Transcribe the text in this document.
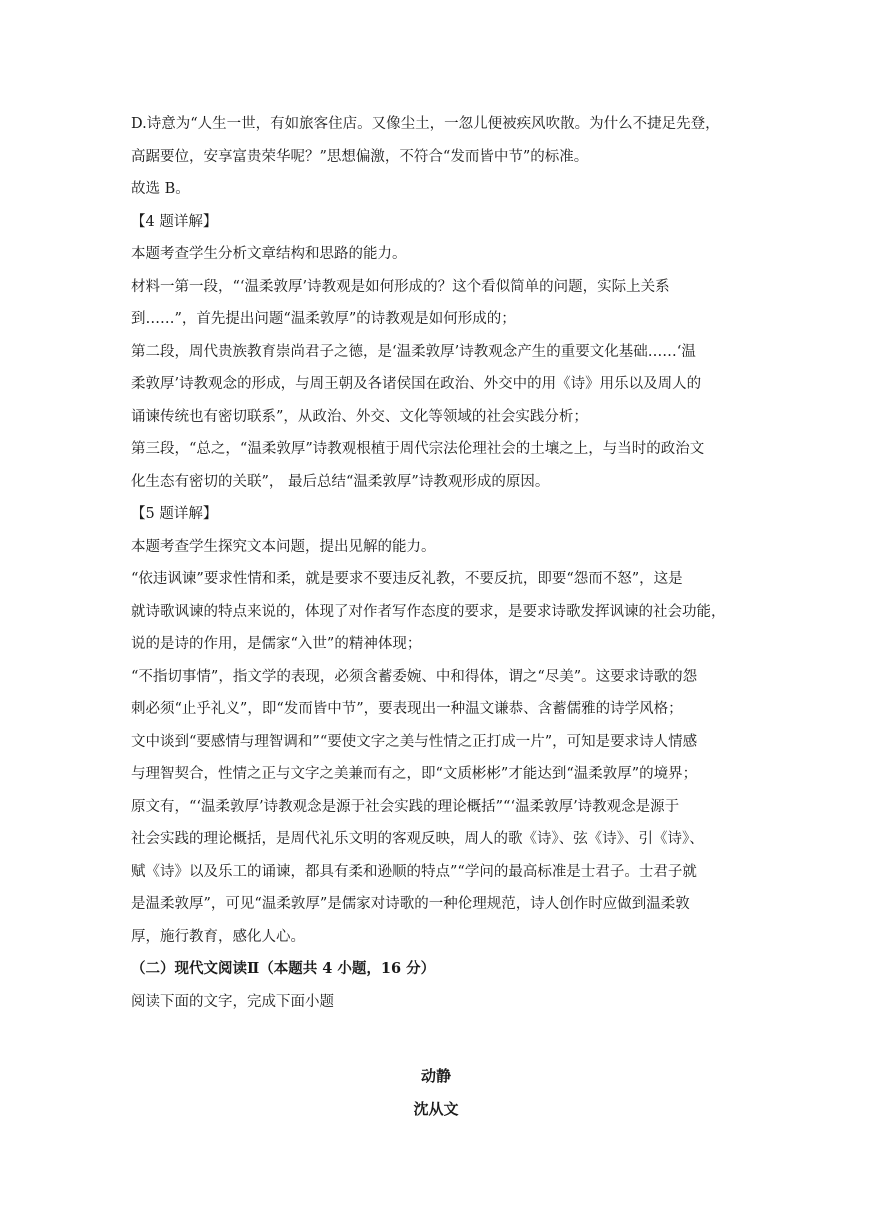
D.诗意为“人生一世，有如旅客住店。又像尘土，一忽儿便被疾风吹散。为什么不捷足先登，

高踞要位，安享富贵荣华呢？”思想偏激，不符合“发而皆中节”的标准。

故选 B。

【4 题详解】

本题考查学生分析文章结构和思路的能力。

材料一第一段，“‘温柔敦厚’诗教观是如何形成的？这个看似简单的问题，实际上关系

到……”，首先提出问题“温柔敦厚”的诗教观是如何形成的；

第二段，周代贵族教育崇尚君子之德，是‘温柔敦厚’诗教观念产生的重要文化基础……‘温

柔敦厚’诗教观念的形成，与周王朝及各诸侯国在政治、外交中的用《诗》用乐以及周人的

诵谏传统也有密切联系”，从政治、外交、文化等领域的社会实践分析；

第三段，“总之，“温柔敦厚”诗教观根植于周代宗法伦理社会的土壤之上，与当时的政治文

化生态有密切的关联”， 最后总结“温柔敦厚”诗教观形成的原因。

【5 题详解】

本题考查学生探究文本问题，提出见解的能力。

“依违讽谏”要求性情和柔，就是要求不要违反礼教，不要反抗，即要“怨而不怒”，这是

就诗歌讽谏的特点来说的，体现了对作者写作态度的要求，是要求诗歌发挥讽谏的社会功能，

说的是诗的作用，是儒家“入世”的精神体现；

“不指切事情”，指文学的表现，必须含蓄委婉、中和得体，谓之“尽美”。这要求诗歌的怨

刺必须“止乎礼义”，即“发而皆中节”，要表现出一种温文谦恭、含蓄儒雅的诗学风格；

文中谈到“要感情与理智调和”“要使文字之美与性情之正打成一片”，可知是要求诗人情感

与理智契合，性情之正与文字之美兼而有之，即“文质彬彬”才能达到“温柔敦厚”的境界；

原文有，“‘温柔敦厚’诗教观念是源于社会实践的理论概括”“‘温柔敦厚’诗教观念是源于

社会实践的理论概括，是周代礼乐文明的客观反映，周人的歌《诗》、弦《诗》、引《诗》、

赋《诗》以及乐工的诵谏，都具有柔和逊顺的特点”“学问的最高标准是士君子。士君子就

是温柔敦厚”，可见“温柔敦厚”是儒家对诗歌的一种伦理规范，诗人创作时应做到温柔敦

厚，施行教育，感化人心。

（二）现代文阅读Ⅱ（本题共 4 小题，16 分）

阅读下面的文字，完成下面小题

动静

沈从文
